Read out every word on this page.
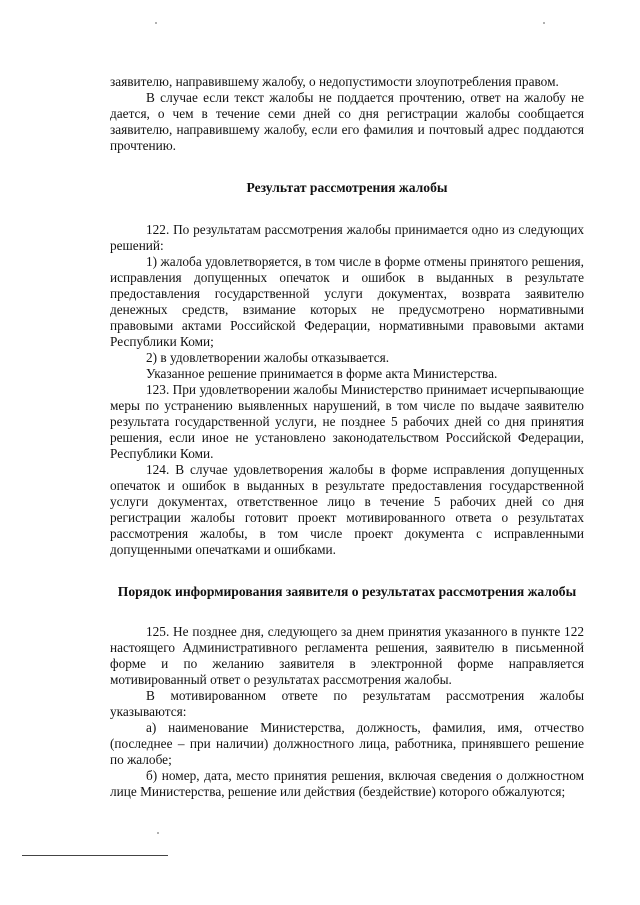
заявителю, направившему жалобу, о недопустимости злоупотребления правом.

В случае если текст жалобы не поддается прочтению, ответ на жалобу не дается, о чем в течение семи дней со дня регистрации жалобы сообщается заявителю, направившему жалобу, если его фамилия и почтовый адрес поддаются прочтению.

Результат рассмотрения жалобы

122. По результатам рассмотрения жалобы принимается одно из следующих решений:

1) жалоба удовлетворяется, в том числе в форме отмены принятого решения, исправления допущенных опечаток и ошибок в выданных в результате предоставления государственной услуги документах, возврата заявителю денежных средств, взимание которых не предусмотрено нормативными правовыми актами Российской Федерации, нормативными правовыми актами Республики Коми;

2) в удовлетворении жалобы отказывается.

Указанное решение принимается в форме акта Министерства.

123. При удовлетворении жалобы Министерство принимает исчерпывающие меры по устранению выявленных нарушений, в том числе по выдаче заявителю результата государственной услуги, не позднее 5 рабочих дней со дня принятия решения, если иное не установлено законодательством Российской Федерации, Республики Коми.

124. В случае удовлетворения жалобы в форме исправления допущенных опечаток и ошибок в выданных в результате предоставления государственной услуги документах, ответственное лицо в течение 5 рабочих дней со дня регистрации жалобы готовит проект мотивированного ответа о результатах рассмотрения жалобы, в том числе проект документа с исправленными допущенными опечатками и ошибками.

Порядок информирования заявителя о результатах рассмотрения жалобы

125. Не позднее дня, следующего за днем принятия указанного в пункте 122 настоящего Административного регламента решения, заявителю в письменной форме и по желанию заявителя в электронной форме направляется мотивированный ответ о результатах рассмотрения жалобы.

В мотивированном ответе по результатам рассмотрения жалобы указываются:

а) наименование Министерства, должность, фамилия, имя, отчество (последнее – при наличии) должностного лица, работника, принявшего решение по жалобе;

б) номер, дата, место принятия решения, включая сведения о должностном лице Министерства, решение или действия (бездействие) которого обжалуются;
